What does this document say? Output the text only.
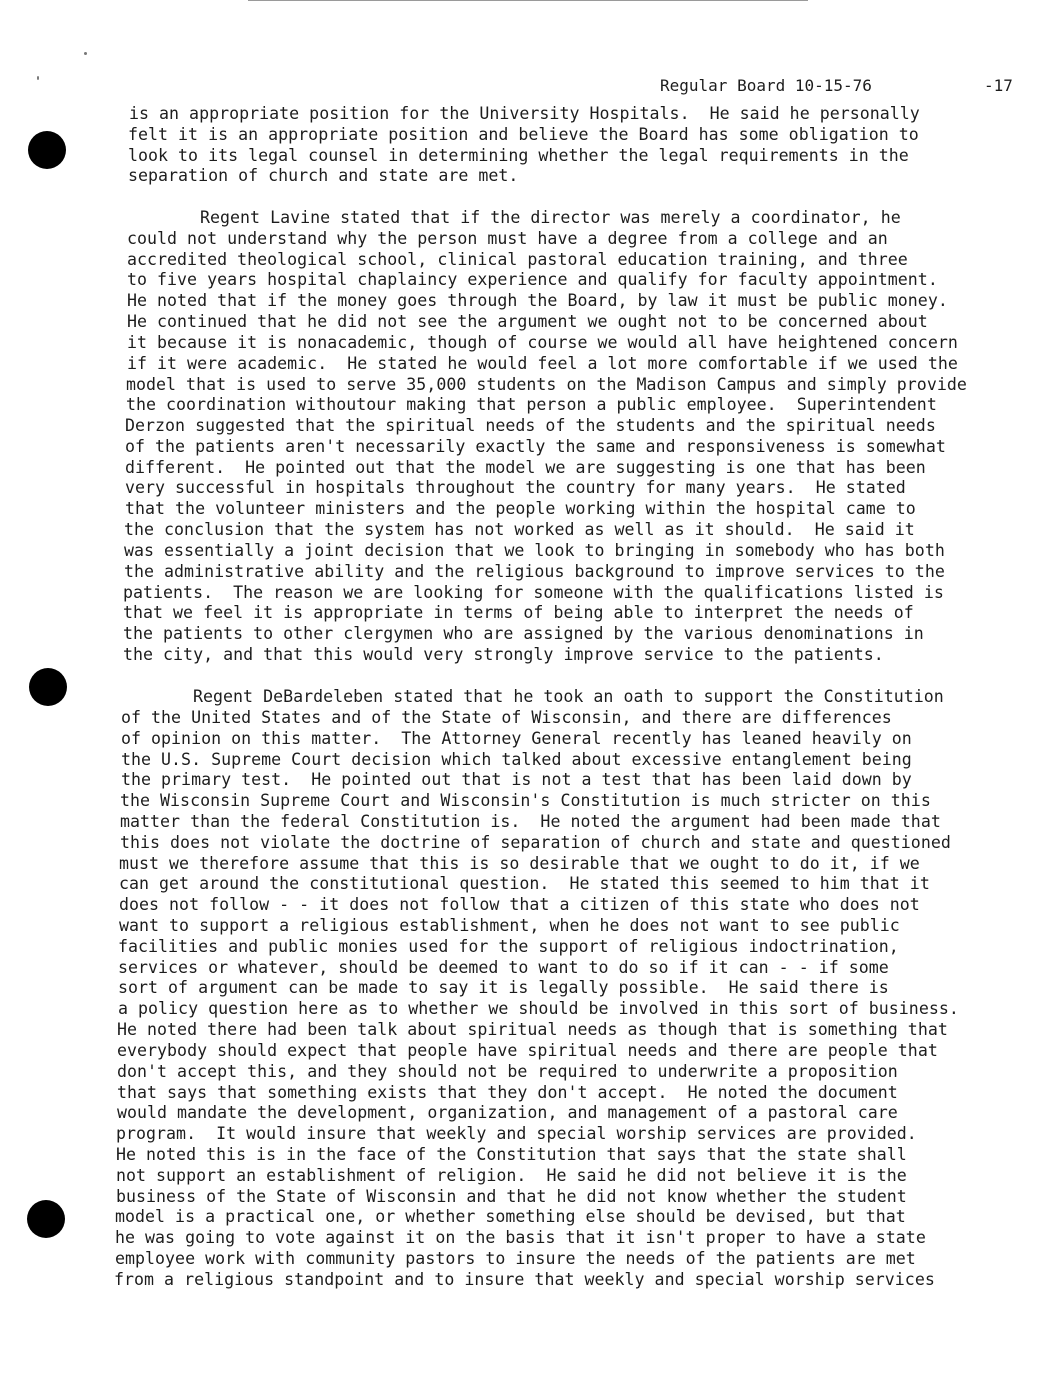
Regular Board 10-15-76	-17
is an appropriate position for the University Hospitals.  He said he personally
felt it is an appropriate position and believe the Board has some obligation to
look to its legal counsel in determining whether the legal requirements in the
separation of church and state are met.
Regent Lavine stated that if the director was merely a coordinator, he
could not understand why the person must have a degree from a college and an
accredited theological school, clinical pastoral education training, and three
to five years hospital chaplaincy experience and qualify for faculty appointment.
He noted that if the money goes through the Board, by law it must be public money.
He continued that he did not see the argument we ought not to be concerned about
it because it is nonacademic, though of course we would all have heightened concern
if it were academic.  He stated he would feel a lot more comfortable if we used the
model that is used to serve 35,000 students on the Madison Campus and simply provide
the coordination withoutour making that person a public employee.  Superintendent
Derzon suggested that the spiritual needs of the students and the spiritual needs
of the patients aren't necessarily exactly the same and responsiveness is somewhat
different.  He pointed out that the model we are suggesting is one that has been
very successful in hospitals throughout the country for many years.  He stated
that the volunteer ministers and the people working within the hospital came to
the conclusion that the system has not worked as well as it should.  He said it
was essentially a joint decision that we look to bringing in somebody who has both
the administrative ability and the religious background to improve services to the
patients.  The reason we are looking for someone with the qualifications listed is
that we feel it is appropriate in terms of being able to interpret the needs of
the patients to other clergymen who are assigned by the various denominations in
the city, and that this would very strongly improve service to the patients.
Regent DeBardeleben stated that he took an oath to support the Constitution
of the United States and of the State of Wisconsin, and there are differences
of opinion on this matter.  The Attorney General recently has leaned heavily on
the U.S. Supreme Court decision which talked about excessive entanglement being
the primary test.  He pointed out that is not a test that has been laid down by
the Wisconsin Supreme Court and Wisconsin's Constitution is much stricter on this
matter than the federal Constitution is.  He noted the argument had been made that
this does not violate the doctrine of separation of church and state and questioned
must we therefore assume that this is so desirable that we ought to do it, if we
can get around the constitutional question.  He stated this seemed to him that it
does not follow - - it does not follow that a citizen of this state who does not
want to support a religious establishment, when he does not want to see public
facilities and public monies used for the support of religious indoctrination,
services or whatever, should be deemed to want to do so if it can - - if some
sort of argument can be made to say it is legally possible.  He said there is
a policy question here as to whether we should be involved in this sort of business.
He noted there had been talk about spiritual needs as though that is something that
everybody should expect that people have spiritual needs and there are people that
don't accept this, and they should not be required to underwrite a proposition
that says that something exists that they don't accept.  He noted the document
would mandate the development, organization, and management of a pastoral care
program.  It would insure that weekly and special worship services are provided.
He noted this is in the face of the Constitution that says that the state shall
not support an establishment of religion.  He said he did not believe it is the
business of the State of Wisconsin and that he did not know whether the student
model is a practical one, or whether something else should be devised, but that
he was going to vote against it on the basis that it isn't proper to have a state
employee work with community pastors to insure the needs of the patients are met
from a religious standpoint and to insure that weekly and special worship services
